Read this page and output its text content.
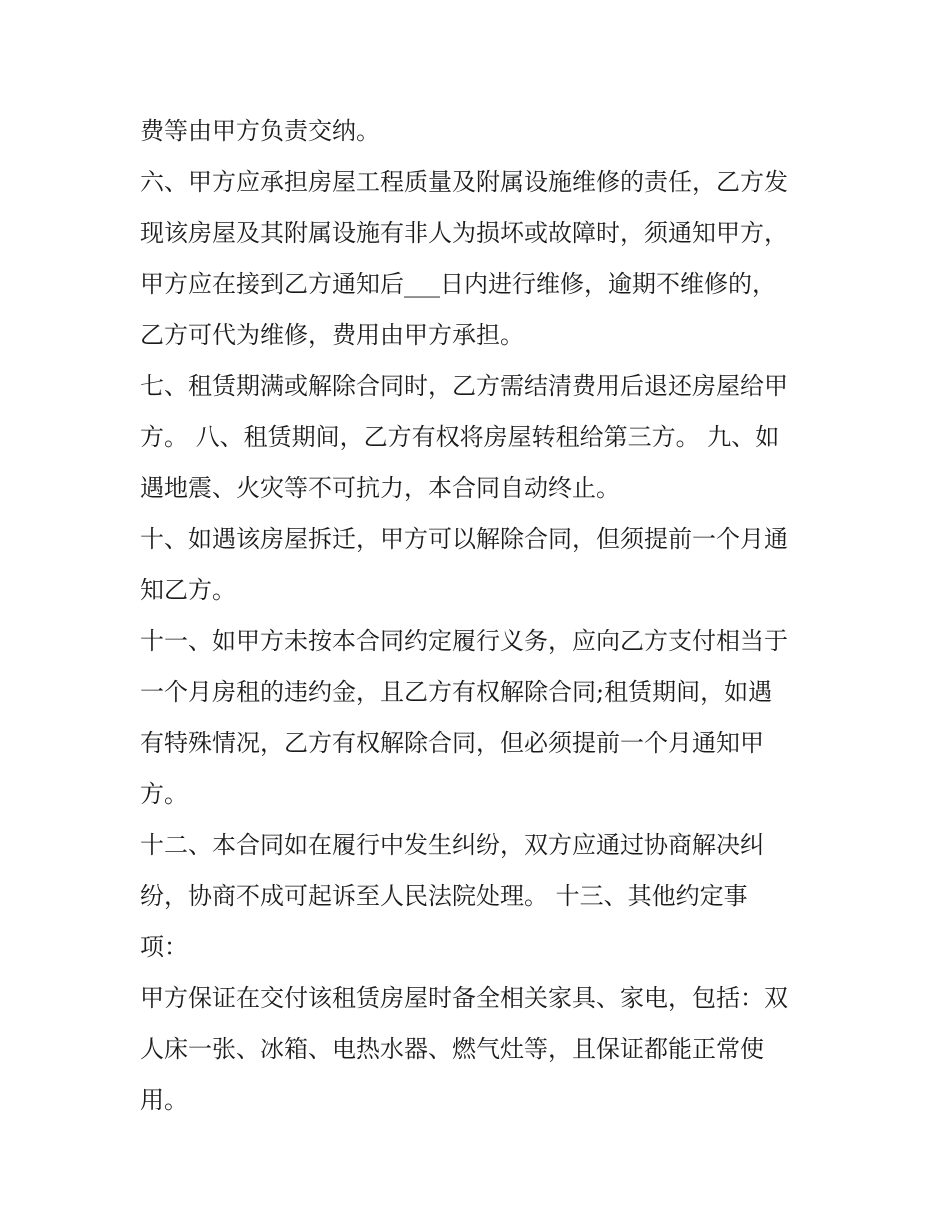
费等由甲方负责交纳。
六、甲方应承担房屋工程质量及附属设施维修的责任，乙方发
现该房屋及其附属设施有非人为损坏或故障时，须通知甲方，
甲方应在接到乙方通知后___日内进行维修，逾期不维修的，
乙方可代为维修，费用由甲方承担。
七、租赁期满或解除合同时，乙方需结清费用后退还房屋给甲
方。 八、租赁期间，乙方有权将房屋转租给第三方。 九、如
遇地震、火灾等不可抗力，本合同自动终止。
十、如遇该房屋拆迁，甲方可以解除合同，但须提前一个月通
知乙方。
十一、如甲方未按本合同约定履行义务，应向乙方支付相当于
一个月房租的违约金，且乙方有权解除合同;租赁期间，如遇
有特殊情况，乙方有权解除合同，但必须提前一个月通知甲
方。
十二、本合同如在履行中发生纠纷，双方应通过协商解决纠
纷，协商不成可起诉至人民法院处理。 十三、其他约定事
项：
甲方保证在交付该租赁房屋时备全相关家具、家电，包括：双
人床一张、冰箱、电热水器、燃气灶等，且保证都能正常使
用。
